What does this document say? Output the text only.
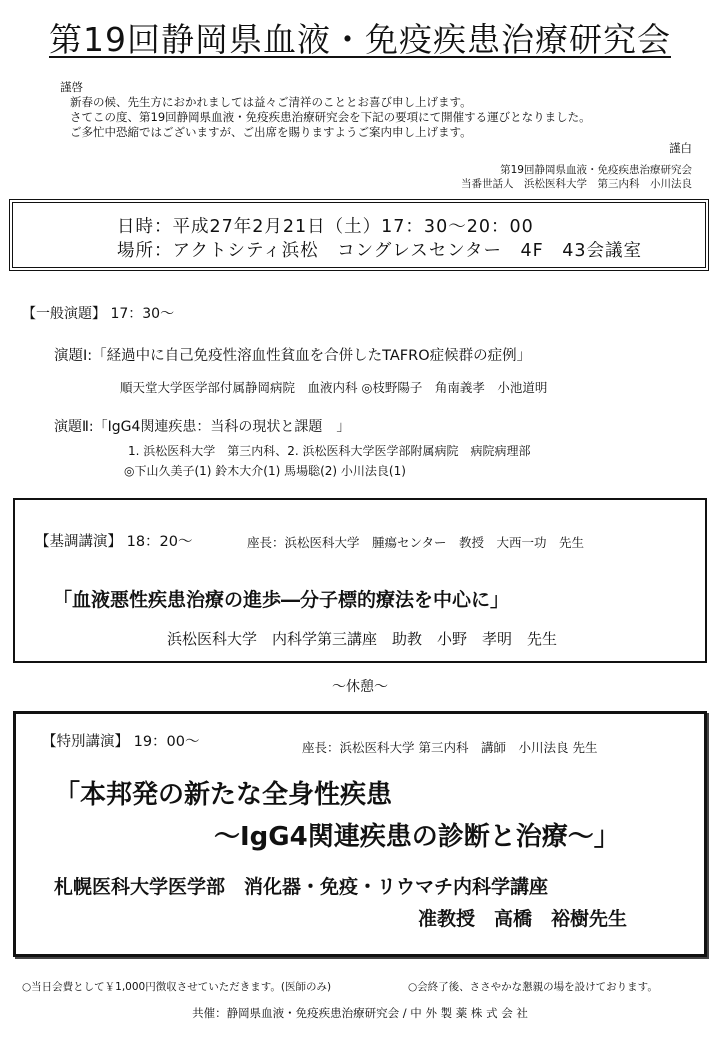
第19回静岡県血液・免疫疾患治療研究会
謹啓
新春の候、先生方におかれましては益々ご清祥のこととお喜び申し上げます。
さてこの度、第19回静岡県血液・免疫疾患治療研究会を下記の要項にて開催する運びとなりました。
ご多忙中恐縮ではございますが、ご出席を賜りますようご案内申し上げます。
謹白
第19回静岡県血液・免疫疾患治療研究会
当番世話人　浜松医科大学　第三内科　小川法良
日時：平成27年2月21日（土）17：30～20：00
場所：アクトシティ浜松　コングレスセンター　4F　43会議室
【一般演題】 17：30～
演題Ⅰ:「経過中に自己免疫性溶血性貧血を合併したTAFRO症候群の症例」
順天堂大学医学部付属静岡病院　血液内科 ◎枝野陽子　角南義孝　小池道明
演題Ⅱ:「IgG4関連疾患：当科の現状と課題　」
1. 浜松医科大学　第三内科、2. 浜松医科大学医学部附属病院　病院病理部
◎下山久美子(1) 鈴木大介(1) 馬場聡(2) 小川法良(1)
【基調講演】 18：20～	座長：浜松医科大学　腫瘍センター　教授　大西一功　先生
「血液悪性疾患治療の進歩―分子標的療法を中心に」
浜松医科大学　内科学第三講座　助教　小野　孝明　先生
～休憩～
【特別講演】 19：00～	座長：浜松医科大学 第三内科　講師　小川法良 先生
「本邦発の新たな全身性疾患
～IgG4関連疾患の診断と治療～」
札幌医科大学医学部　消化器・免疫・リウマチ内科学講座
准教授　高橋　裕樹先生
○当日会費として￥1,000円徴収させていただきます。(医師のみ)	○会終了後、ささやかな懇親の場を設けております。
共催：静岡県血液・免疫疾患治療研究会 / 中 外 製 薬 株 式 会 社
